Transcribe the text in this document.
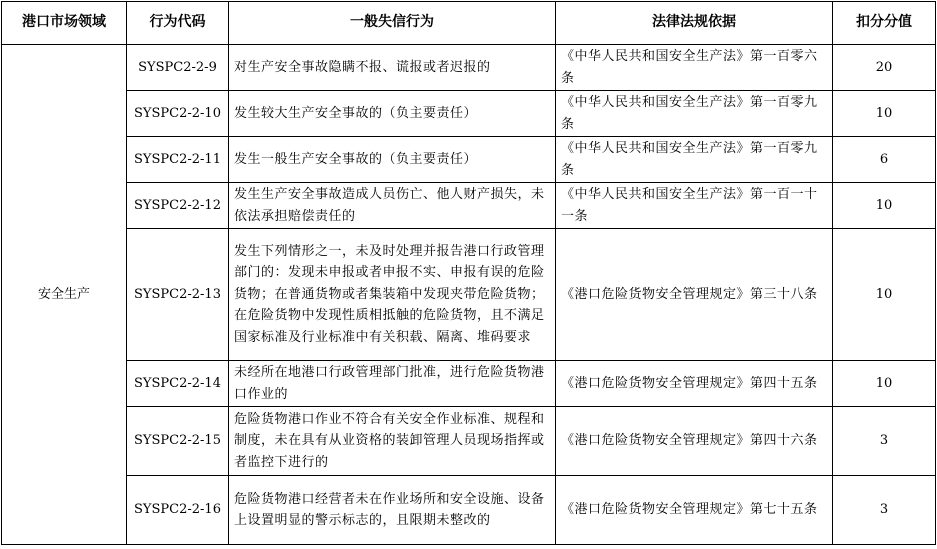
港口市场领域	行为代码	一般失信行为	法律法规依据	扣分分值
安全生产	SYSPC2-2-9	对生产安全事故隐瞒不报、谎报或者迟报的	《中华人民共和国安全生产法》第一百零六条	20
	SYSPC2-2-10	发生较大生产安全事故的（负主要责任）	《中华人民共和国安全生产法》第一百零九条	10
	SYSPC2-2-11	发生一般生产安全事故的（负主要责任）	《中华人民共和国安全生产法》第一百零九条	6
	SYSPC2-2-12	发生生产安全事故造成人员伤亡、他人财产损失，未依法承担赔偿责任的	《中华人民共和国安全生产法》第一百一十一条	10
	SYSPC2-2-13	发生下列情形之一，未及时处理并报告港口行政管理部门的：发现未申报或者申报不实、申报有误的危险货物；在普通货物或者集装箱中发现夹带危险货物；在危险货物中发现性质相抵触的危险货物，且不满足国家标准及行业标准中有关积载、隔离、堆码要求	《港口危险货物安全管理规定》第三十八条	10
	SYSPC2-2-14	未经所在地港口行政管理部门批准，进行危险货物港口作业的	《港口危险货物安全管理规定》第四十五条	10
	SYSPC2-2-15	危险货物港口作业不符合有关安全作业标准、规程和制度，未在具有从业资格的装卸管理人员现场指挥或者监控下进行的	《港口危险货物安全管理规定》第四十六条	3
	SYSPC2-2-16	危险货物港口经营者未在作业场所和安全设施、设备上设置明显的警示标志的，且限期未整改的	《港口危险货物安全管理规定》第七十五条	3
